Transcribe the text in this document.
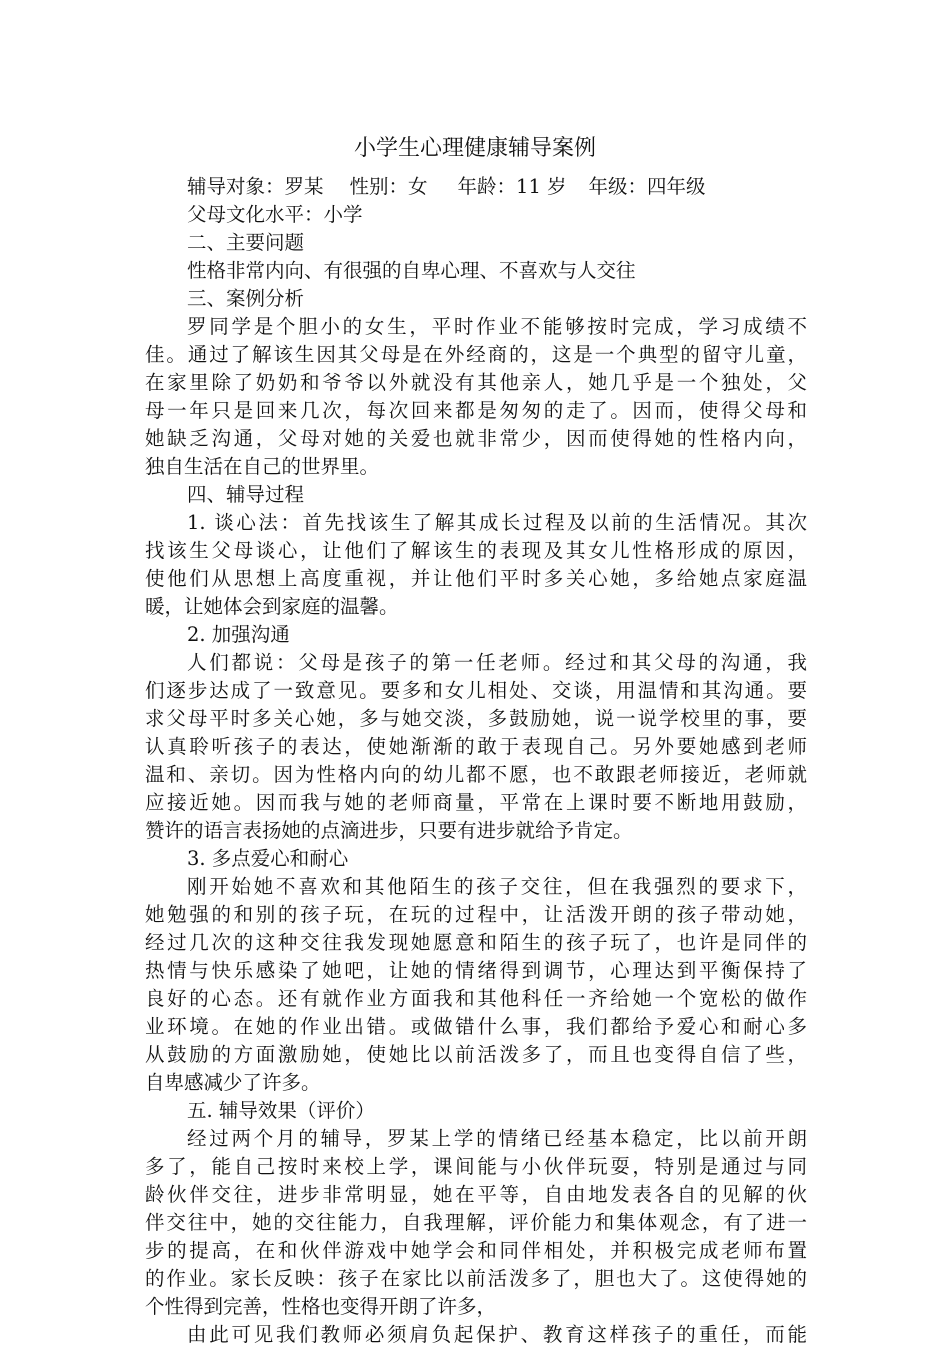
小学生心理健康辅导案例
辅导对象：罗某 性别：女 年龄：11 岁 年级：四年级
父母文化水平：小学
二、主要问题
性格非常内向、有很强的自卑心理、不喜欢与人交往
三、案例分析
罗同学是个胆小的女生，平时作业不能够按时完成，学习成绩不
佳。通过了解该生因其父母是在外经商的，这是一个典型的留守儿童，
在家里除了奶奶和爷爷以外就没有其他亲人，她几乎是一个独处，父
母一年只是回来几次，每次回来都是匆匆的走了。因而，使得父母和
她缺乏沟通，父母对她的关爱也就非常少，因而使得她的性格内向，
独自生活在自己的世界里。
四、辅导过程
1. 谈心法：首先找该生了解其成长过程及以前的生活情况。其次
找该生父母谈心，让他们了解该生的表现及其女儿性格形成的原因，
使他们从思想上高度重视，并让他们平时多关心她，多给她点家庭温
暖，让她体会到家庭的温馨。
2. 加强沟通
人们都说：父母是孩子的第一任老师。经过和其父母的沟通，我
们逐步达成了一致意见。要多和女儿相处、交谈，用温情和其沟通。要
求父母平时多关心她，多与她交淡，多鼓励她，说一说学校里的事，要
认真聆听孩子的表达，使她渐渐的敢于表现自己。另外要她感到老师
温和、亲切。因为性格内向的幼儿都不愿，也不敢跟老师接近，老师就
应接近她。因而我与她的老师商量，平常在上课时要不断地用鼓励，
赞许的语言表扬她的点滴进步，只要有进步就给予肯定。
3. 多点爱心和耐心
刚开始她不喜欢和其他陌生的孩子交往，但在我强烈的要求下，
她勉强的和别的孩子玩，在玩的过程中，让活泼开朗的孩子带动她，
经过几次的这种交往我发现她愿意和陌生的孩子玩了，也许是同伴的
热情与快乐感染了她吧，让她的情绪得到调节，心理达到平衡保持了
良好的心态。还有就作业方面我和其他科任一齐给她一个宽松的做作
业环境。在她的作业出错。或做错什么事，我们都给予爱心和耐心多
从鼓励的方面激励她，使她比以前活泼多了，而且也变得自信了些，
自卑感减少了许多。
五. 辅导效果（评价）
经过两个月的辅导，罗某上学的情绪已经基本稳定，比以前开朗
多了，能自己按时来校上学，课间能与小伙伴玩耍，特别是通过与同
龄伙伴交往，进步非常明显，她在平等，自由地发表各自的见解的伙
伴交往中，她的交往能力，自我理解，评价能力和集体观念，有了进一
步的提高，在和伙伴游戏中她学会和同伴相处，并积极完成老师布置
的作业。家长反映：孩子在家比以前活泼多了，胆也大了。这使得她的
个性得到完善，性格也变得开朗了许多，
由此可见我们教师必须肩负起保护、教育这样孩子的重任，而能
